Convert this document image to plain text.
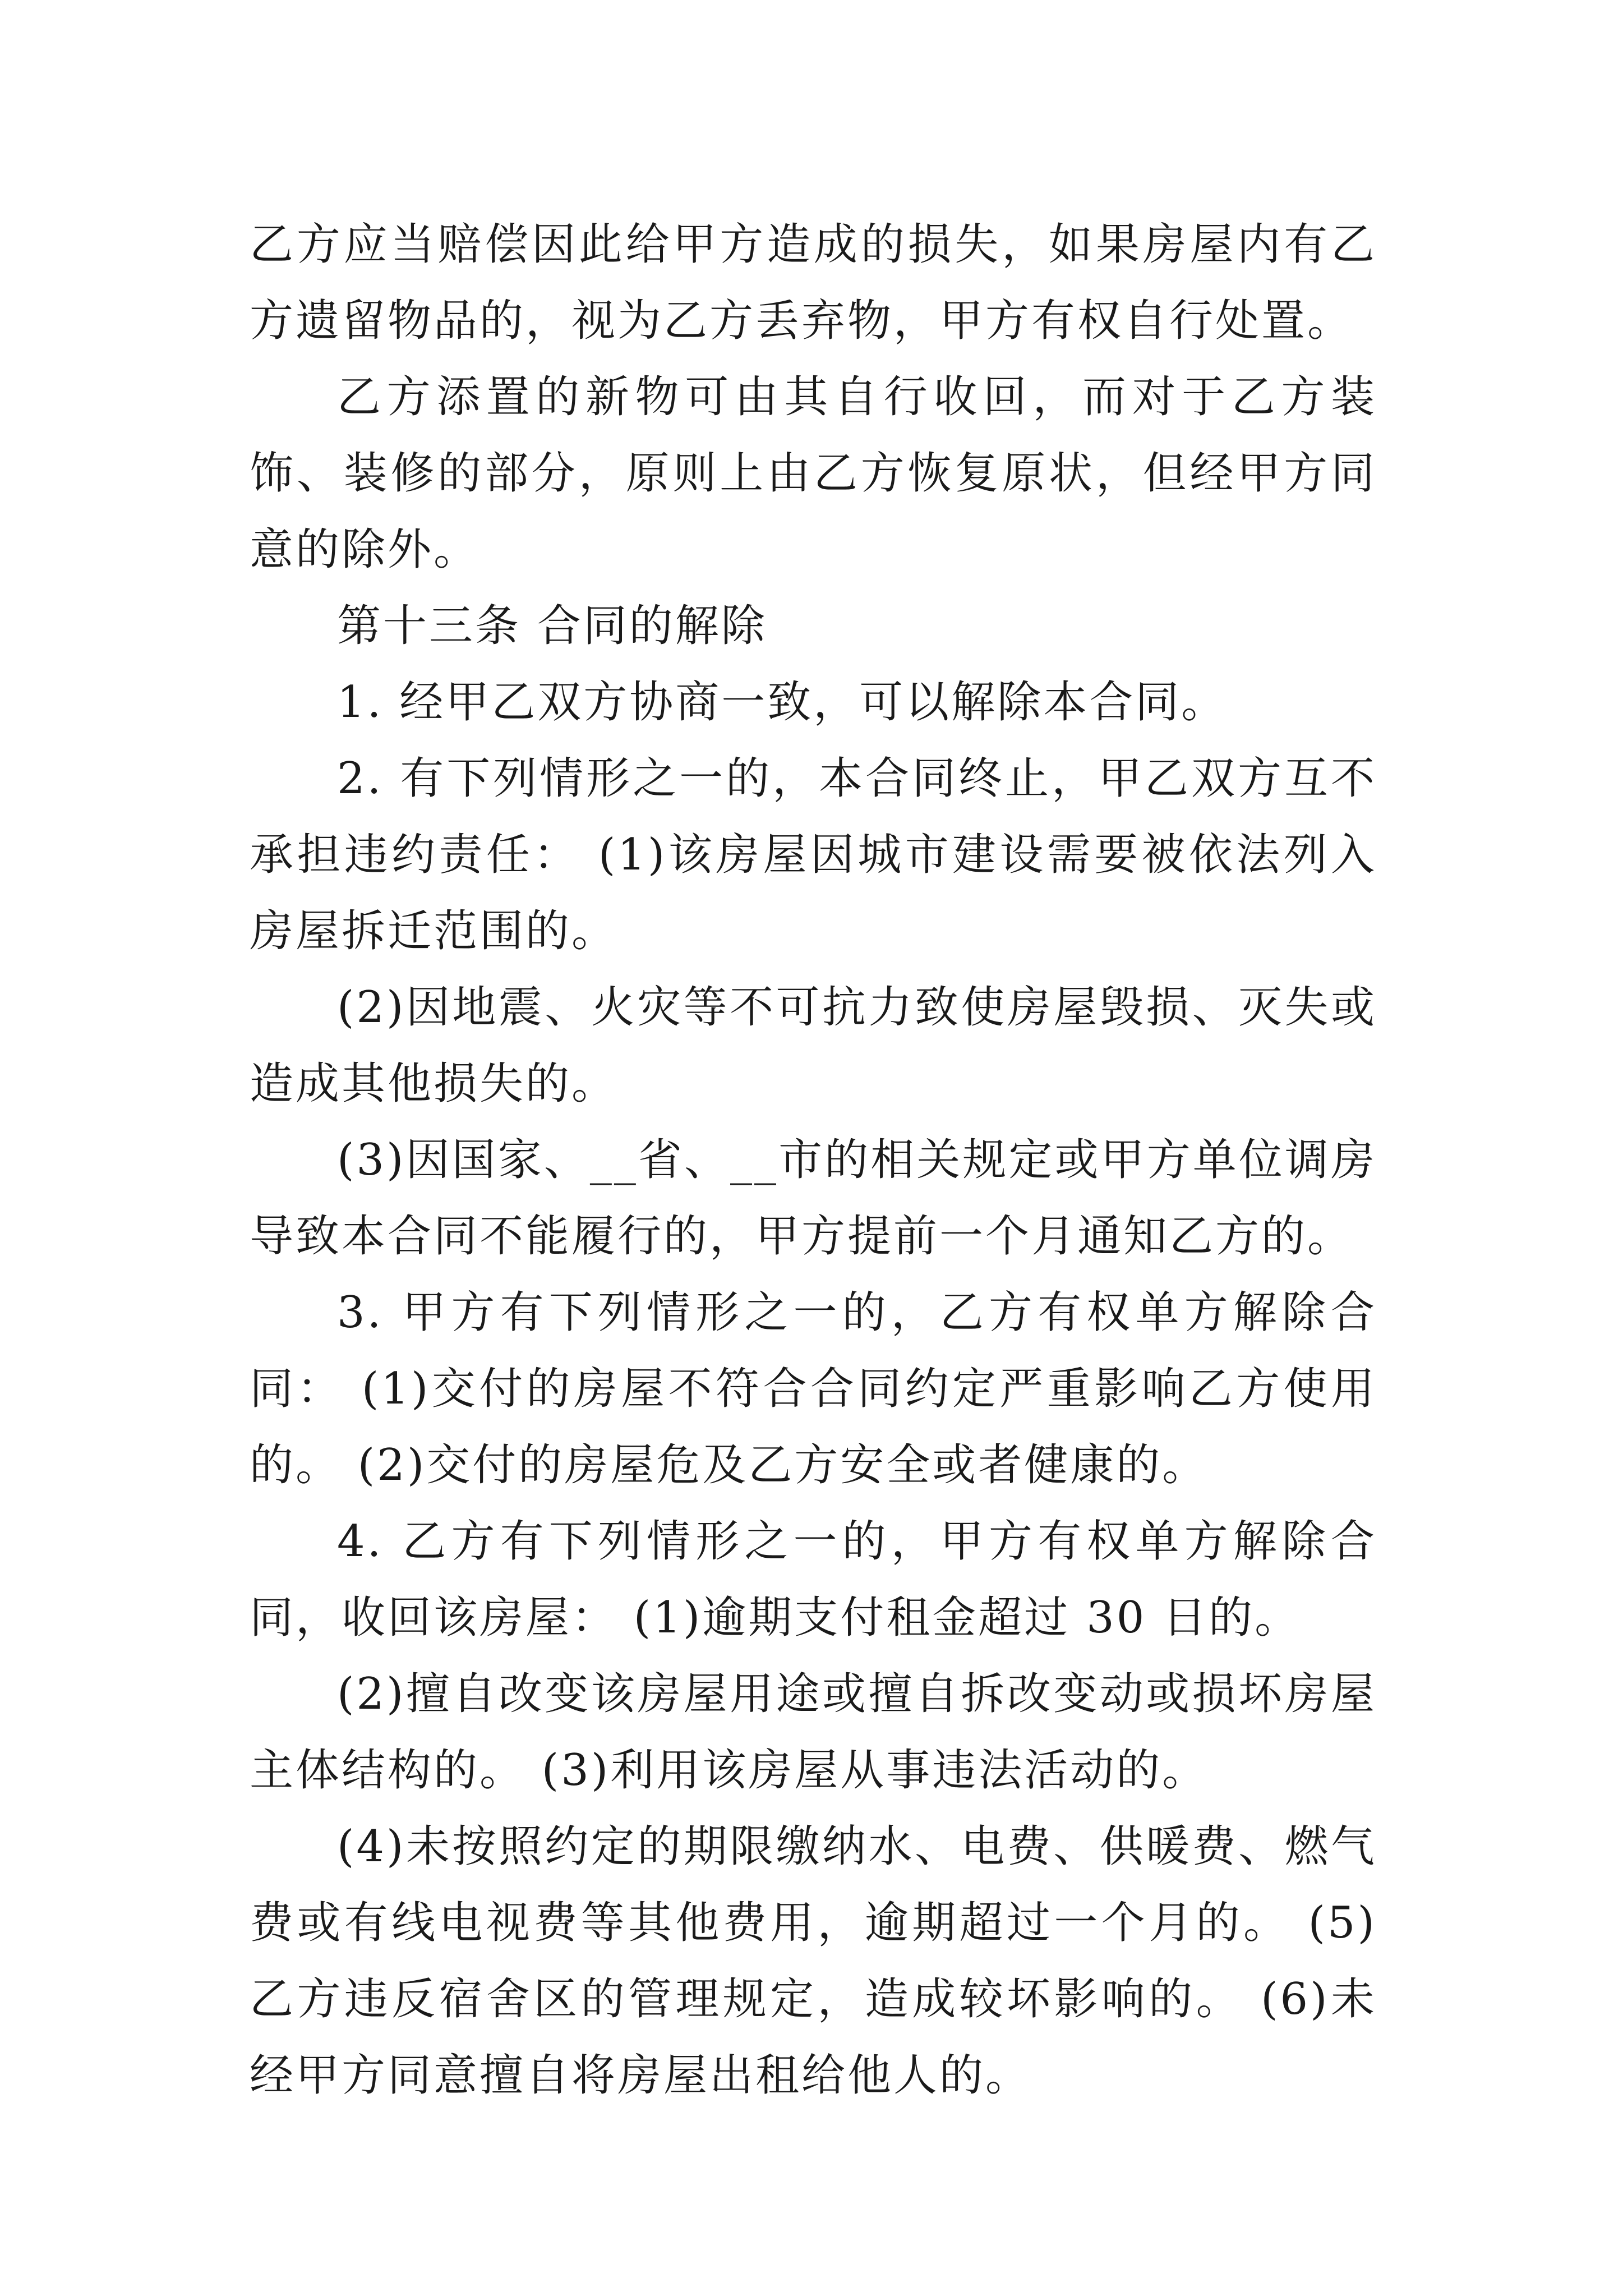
乙方应当赔偿因此给甲方造成的损失，如果房屋内有乙方遗留物品的，视为乙方丢弃物，甲方有权自行处置。

乙方添置的新物可由其自行收回，而对于乙方装饰、装修的部分，原则上由乙方恢复原状，但经甲方同意的除外。

第十三条 合同的解除

1. 经甲乙双方协商一致，可以解除本合同。

2. 有下列情形之一的，本合同终止，甲乙双方互不承担违约责任： (1)该房屋因城市建设需要被依法列入房屋拆迁范围的。

(2)因地震、火灾等不可抗力致使房屋毁损、灭失或造成其他损失的。

(3)因国家、__省、__市的相关规定或甲方单位调房导致本合同不能履行的，甲方提前一个月通知乙方的。

3. 甲方有下列情形之一的，乙方有权单方解除合同： (1)交付的房屋不符合合同约定严重影响乙方使用的。 (2)交付的房屋危及乙方安全或者健康的。

4. 乙方有下列情形之一的，甲方有权单方解除合同，收回该房屋： (1)逾期支付租金超过 30 日的。

(2)擅自改变该房屋用途或擅自拆改变动或损坏房屋主体结构的。 (3)利用该房屋从事违法活动的。

(4)未按照约定的期限缴纳水、电费、供暖费、燃气费或有线电视费等其他费用，逾期超过一个月的。 (5)乙方违反宿舍区的管理规定，造成较坏影响的。 (6)未经甲方同意擅自将房屋出租给他人的。
